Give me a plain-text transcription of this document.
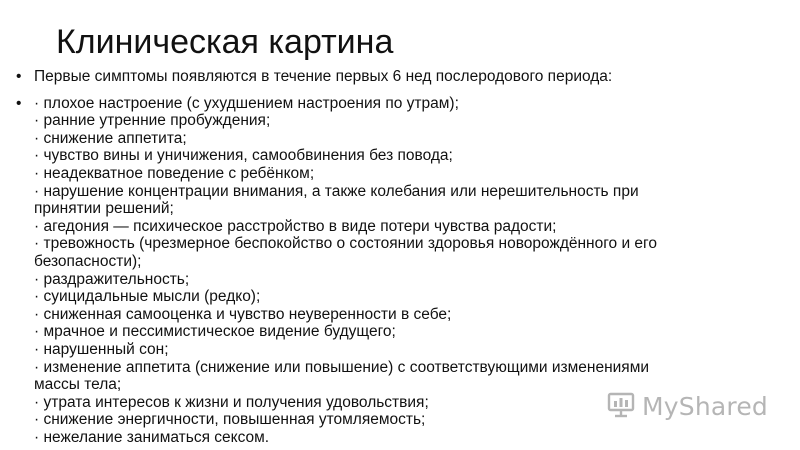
Клиническая картина
• Первые симптомы появляются в течение первых 6 нед послеродового периода:
• · плохое настроение (с ухудшением настроения по утрам);
· ранние утренние пробуждения;
· снижение аппетита;
· чувство вины и уничижения, самообвинения без повода;
· неадекватное поведение с ребёнком;
· нарушение концентрации внимания, а также колебания или нерешительность при
принятии решений;
· агедония — психическое расстройство в виде потери чувства радости;
· тревожность (чрезмерное беспокойство о состоянии здоровья новорождённого и его
безопасности);
· раздражительность;
· суицидальные мысли (редко);
· сниженная самооценка и чувство неуверенности в себе;
· мрачное и пессимистическое видение будущего;
· нарушенный сон;
· изменение аппетита (снижение или повышение) с соответствующими изменениями
массы тела;
· утрата интересов к жизни и получения удовольствия;
· снижение энергичности, повышенная утомляемость;
· нежелание заниматься сексом.
MyShared
